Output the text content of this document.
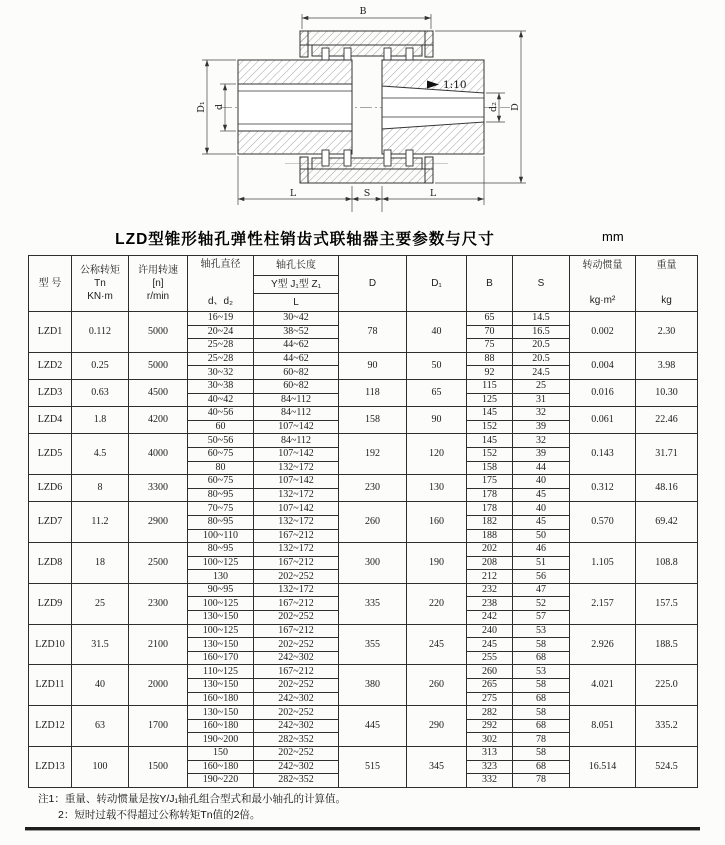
1:10
B
D
d₂
D₁ d
L	S	L
LZD型锥形轴孔弹性柱销齿式联轴器主要参数与尺寸	mm
型 号	
公称转矩
Tn
KN·m

许用转速
[n]
r/min

轴孔直径
d、d₂

轴孔长度
Y型 J₁型 Z₁
L
	D	D₁	B	S	
转动惯量
kg·m²

重量
kg

LZD1	0.112	5000	16~19	30~42	78	40	65	14.5	0.002	2.30
			20~24	38~52			70	16.5		
			25~28	44~62			75	20.5		
LZD2	0.25	5000	25~28	44~62	90	50	88	20.5	0.004	3.98
			30~32	60~82			92	24.5		
LZD3	0.63	4500	30~38	60~82	118	65	115	25	0.016	10.30
			40~42	84~112			125	31		
LZD4	1.8	4200	40~56	84~112	158	90	145	32	0.061	22.46
			60	107~142			152	39		
LZD5	4.5	4000	50~56	84~112	192	120	145	32	0.143	31.71
			60~75	107~142			152	39		
			80	132~172			158	44		
LZD6	8	3300	60~75	107~142	230	130	175	40	0.312	48.16
			80~95	132~172			178	45		
LZD7	11.2	2900	70~75	107~142	260	160	178	40	0.570	69.42
			80~95	132~172			182	45		
			100~110	167~212			188	50		
LZD8	18	2500	80~95	132~172	300	190	202	46	1.105	108.8
			100~125	167~212			208	51		
			130	202~252			212	56		
LZD9	25	2300	90~95	132~172	335	220	232	47	2.157	157.5
			100~125	167~212			238	52		
			130~150	202~252			242	57		
LZD10	31.5	2100	100~125	167~212	355	245	240	53	2.926	188.5
			130~150	202~252			245	58		
			160~170	242~302			255	68		
LZD11	40	2000	110~125	167~212	380	260	260	53	4.021	225.0
			130~150	202~252			265	58		
			160~180	242~302			275	68		
LZD12	63	1700	130~150	202~252	445	290	282	58	8.051	335.2
			160~180	242~302			292	68		
			190~200	282~352			302	78		
LZD13	100	1500	150	202~252	515	345	313	58	16.514	524.5
			160~180	242~302			323	68		
			190~220	282~352			332	78		
注1：重量、转动惯量是按Y/J₁轴孔组合型式和最小轴孔的计算值。
2：短时过载不得超过公称转矩Tn值的2倍。
